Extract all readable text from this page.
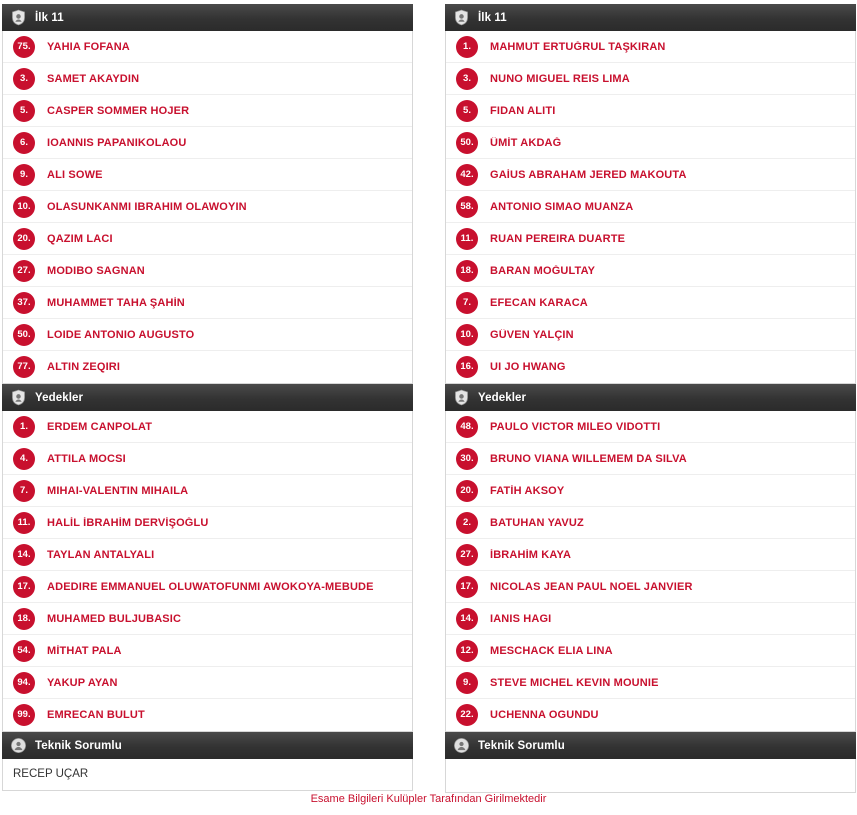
İlk 11
75.	YAHIA FOFANA
3.	SAMET AKAYDIN
5.	CASPER SOMMER HOJER
6.	IOANNIS PAPANIKOLAOU
9.	ALI SOWE
10.	OLASUNKANMI IBRAHIM OLAWOYIN
20.	QAZIM LACI
27.	MODIBO SAGNAN
37.	MUHAMMET TAHA ŞAHİN
50.	LOIDE ANTONIO AUGUSTO
77.	ALTIN ZEQIRI
Yedekler
1.	ERDEM CANPOLAT
4.	ATTILA MOCSI
7.	MIHAI-VALENTIN MIHAILA
11.	HALİL İBRAHİM DERVİŞOĞLU
14.	TAYLAN ANTALYALI
17.	ADEDIRE EMMANUEL OLUWATOFUNMI AWOKOYA-MEBUDE
18.	MUHAMED BULJUBASIC
54.	MİTHAT PALA
94.	YAKUP AYAN
99.	EMRECAN BULUT
Teknik Sorumlu
RECEP UÇAR
İlk 11
1.	MAHMUT ERTUĞRUL TAŞKIRAN
3.	NUNO MIGUEL REIS LIMA
5.	FIDAN ALITI
50.	ÜMİT AKDAĞ
42.	GAİUS ABRAHAM JERED MAKOUTA
58.	ANTONIO SIMAO MUANZA
11.	RUAN PEREIRA DUARTE
18.	BARAN MOĞULTAY
7.	EFECAN KARACA
10.	GÜVEN YALÇIN
16.	UI JO HWANG
Yedekler
48.	PAULO VICTOR MILEO VIDOTTI
30.	BRUNO VIANA WILLEMEM DA SILVA
20.	FATİH AKSOY
2.	BATUHAN YAVUZ
27.	İBRAHİM KAYA
17.	NICOLAS JEAN PAUL NOEL JANVIER
14.	IANIS HAGI
12.	MESCHACK ELIA LINA
9.	STEVE MICHEL KEVIN MOUNIE
22.	UCHENNA OGUNDU
Teknik Sorumlu
Esame Bilgileri Kulüpler Tarafından Girilmektedir
